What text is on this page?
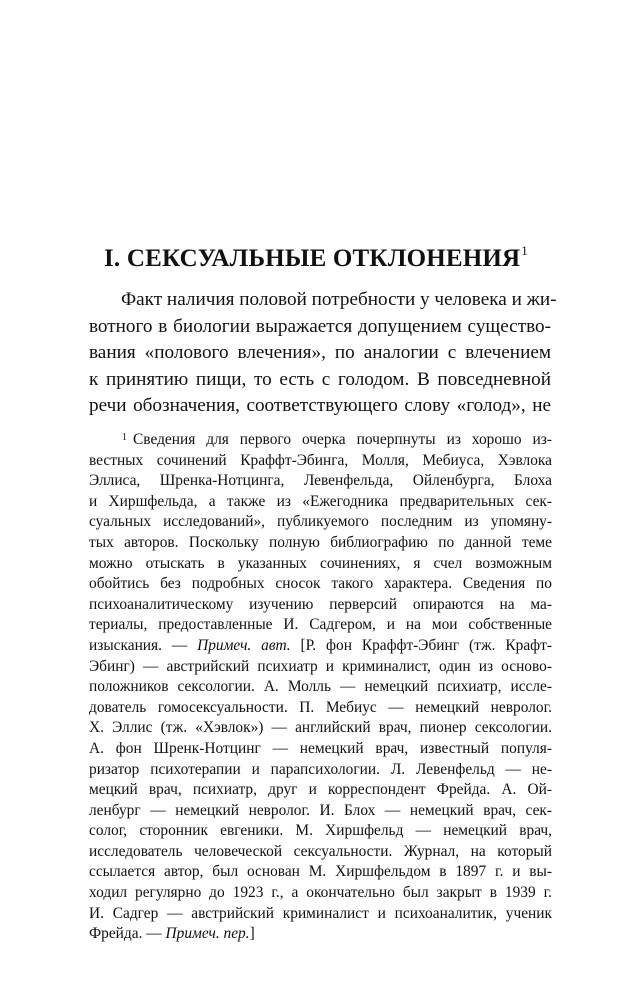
I. СЕКСУАЛЬНЫЕ ОТКЛОНЕНИЯ$^1$

Факт наличия половой потребности у человека и жи-
вотного в биологии выражается допущением существо-
вания «полового влечения», по аналогии с влечением
к принятию пищи, то есть с голодом. В повседневной
речи обозначения, соответствующего слову «голод», не

$^1$ Сведения для первого очерка почерпнуты из хорошо из-
вестных сочинений Краффт-Эбинга, Молля, Мебиуса, Хэвлока
Эллиса, Шренка-Нотцинга, Левенфельда, Ойленбурга, Блоха
и Хиршфельда, а также из «Ежегодника предварительных сек-
суальных исследований», публикуемого последним из упомяну-
тых авторов. Поскольку полную библиографию по данной теме
можно отыскать в указанных сочинениях, я счел возможным
обойтись без подробных сносок такого характера. Сведения по
психоаналитическому изучению перверсий опираются на ма-
териалы, предоставленные И. Садгером, и на мои собственные
изыскания. — Примеч. авт. [Р. фон Краффт-Эбинг (тж. Крафт-
Эбинг) — австрийский психиатр и криминалист, один из осново-
положников сексологии. А. Молль — немецкий психиатр, иссле-
дователь гомосексуальности. П. Мебиус — немецкий невролог.
Х. Эллис (тж. «Хэвлок») — английский врач, пионер сексологии.
А. фон Шренк-Нотцинг — немецкий врач, известный популя-
ризатор психотерапии и парапсихологии. Л. Левенфельд — не-
мецкий врач, психиатр, друг и корреспондент Фрейда. А. Ой-
ленбург — немецкий невролог. И. Блох — немецкий врач, сек-
солог, сторонник евгеники. М. Хиршфельд — немецкий врач,
исследователь человеческой сексуальности. Журнал, на который
ссылается автор, был основан М. Хиршфельдом в 1897 г. и вы-
ходил регулярно до 1923 г., а окончательно был закрыт в 1939 г.
И. Садгер — австрийский криминалист и психоаналитик, ученик
Фрейда. — Примеч. пер.]
